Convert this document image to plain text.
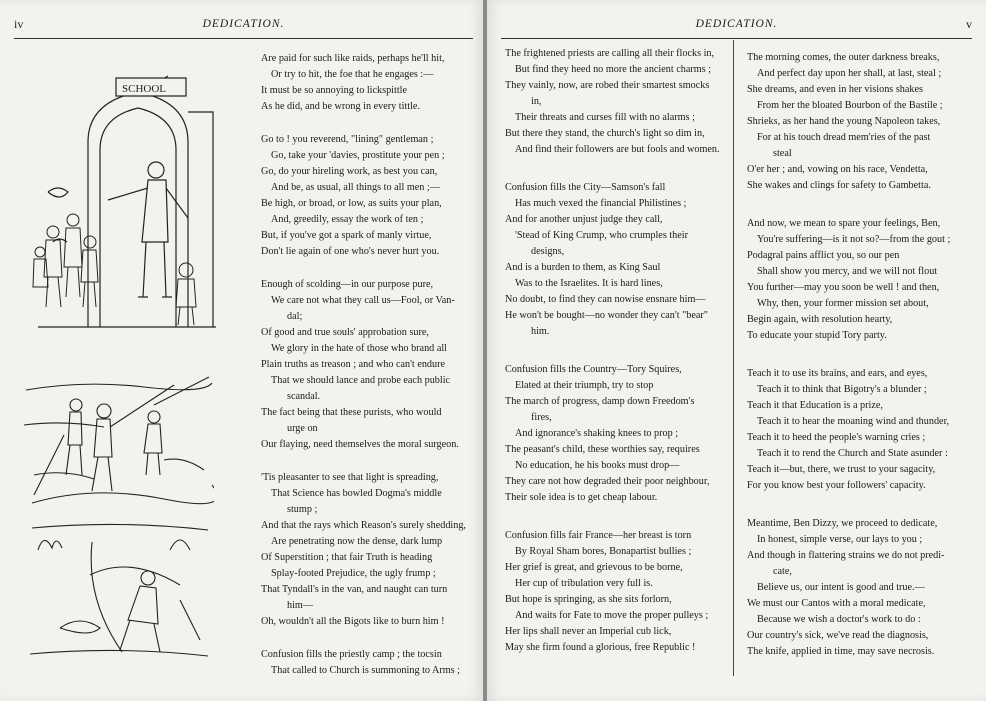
iv	DEDICATION.
SCHOOL
Are paid for such like raids, perhaps he'll hit,
Or try to hit, the foe that he engages :—
It must be so annoying to lickspittle
As he did, and be wrong in every tittle.
Go to ! you reverend, "lining" gentleman ;
Go, take your 'davies, prostitute your pen ;
Go, do your hireling work, as best you can,
And be, as usual, all things to all men ;—
Be high, or broad, or low, as suits your plan,
And, greedily, essay the work of ten ;
But, if you've got a spark of manly virtue,
Don't lie again of one who's never hurt you.
Enough of scolding—in our purpose pure,
We care not what they call us—Fool, or Van-
dal;
Of good and true souls' approbation sure,
We glory in the hate of those who brand all
Plain truths as treason ; and who can't endure
That we should lance and probe each public
scandal.
The fact being that these purists, who would
urge on
Our flaying, need themselves the moral surgeon.
'Tis pleasanter to see that light is spreading,
That Science has bowled Dogma's middle
stump ;
And that the rays which Reason's surely shedding,
Are penetrating now the dense, dark lump
Of Superstition ; that fair Truth is heading
Splay-footed Prejudice, the ugly frump ;
That Tyndall's in the van, and naught can turn
him—
Oh, wouldn't all the Bigots like to burn him !
Confusion fills the priestly camp ; the tocsin
That called to Church is summoning to Arms ;
DEDICATION.	v
The frightened priests are calling all their flocks in,
But find they heed no more the ancient charms ;
They vainly, now, are robed their smartest smocks
in,
Their threats and curses fill with no alarms ;
But there they stand, the church's light so dim in,
And find their followers are but fools and women.
Confusion fills the City—Samson's fall
Has much vexed the financial Philistines ;
And for another unjust judge they call,
'Stead of King Crump, who crumples their
designs,
And is a burden to them, as King Saul
Was to the Israelites. It is hard lines,
No doubt, to find they can nowise ensnare him—
He won't be bought—no wonder they can't "bear"
him.
Confusion fills the Country—Tory Squires,
Elated at their triumph, try to stop
The march of progress, damp down Freedom's
fires,
And ignorance's shaking knees to prop ;
The peasant's child, these worthies say, requires
No education, he his books must drop—
They care not how degraded their poor neighbour,
Their sole idea is to get cheap labour.
Confusion fills fair France—her breast is torn
By Royal Sham bores, Bonapartist bullies ;
Her grief is great, and grievous to be borne,
Her cup of tribulation very full is.
But hope is springing, as she sits forlorn,
And waits for Fate to move the proper pulleys ;
Her lips shall never an Imperial cub lick,
May she firm found a glorious, free Republic !
The morning comes, the outer darkness breaks,
And perfect day upon her shall, at last, steal ;
She dreams, and even in her visions shakes
From her the bloated Bourbon of the Bastile ;
Shrieks, as her hand the young Napoleon takes,
For at his touch dread mem'ries of the past
steal
O'er her ; and, vowing on his race, Vendetta,
She wakes and clings for safety to Gambetta.
And now, we mean to spare your feelings, Ben,
You're suffering—is it not so?—from the gout ;
Podagral pains afflict you, so our pen
Shall show you mercy, and we will not flout
You further—may you soon be well ! and then,
Why, then, your former mission set about,
Begin again, with resolution hearty,
To educate your stupid Tory party.
Teach it to use its brains, and ears, and eyes,
Teach it to think that Bigotry's a blunder ;
Teach it that Education is a prize,
Teach it to hear the moaning wind and thunder,
Teach it to heed the people's warning cries ;
Teach it to rend the Church and State asunder :
Teach it—but, there, we trust to your sagacity,
For you know best your followers' capacity.
Meantime, Ben Dizzy, we proceed to dedicate,
In honest, simple verse, our lays to you ;
And though in flattering strains we do not predi-
cate,
Believe us, our intent is good and true.—
We must our Cantos with a moral medicate,
Because we wish a doctor's work to do :
Our country's sick, we've read the diagnosis,
The knife, applied in time, may save necrosis.
